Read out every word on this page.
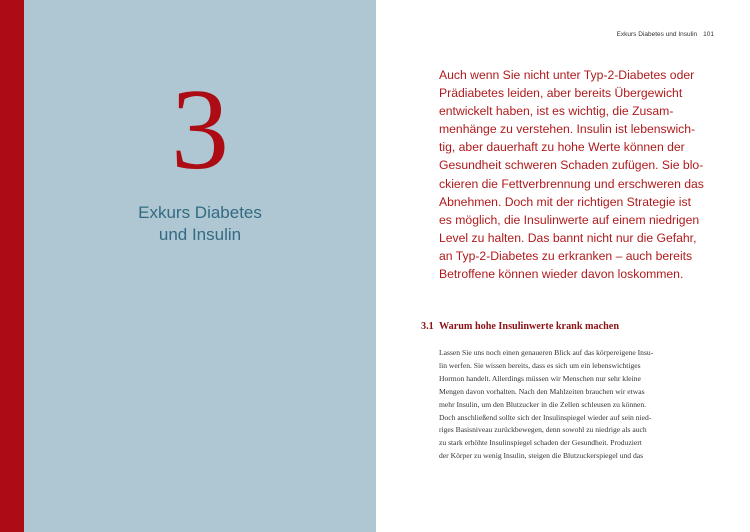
3
Exkurs Diabetes
und Insulin
Exkurs Diabetes und Insulin 101
Auch wenn Sie nicht unter Typ-2-Diabetes oder
Prädiabetes leiden, aber bereits Übergewicht
entwickelt haben, ist es wichtig, die Zusam-
menhänge zu verstehen. Insulin ist lebenswich-
tig, aber dauerhaft zu hohe Werte können der
Gesundheit schweren Schaden zufügen. Sie blo-
ckieren die Fettverbrennung und erschweren das
Abnehmen. Doch mit der richtigen Strategie ist
es möglich, die Insulinwerte auf einem niedrigen
Level zu halten. Das bannt nicht nur die Gefahr,
an Typ-2-Diabetes zu erkranken – auch bereits
Betroffene können wieder davon loskommen.
3.1 Warum hohe Insulinwerte krank machen
Lassen Sie uns noch einen genaueren Blick auf das körpereigene Insu-
lin werfen. Sie wissen bereits, dass es sich um ein lebenswichtiges
Hormon handelt. Allerdings müssen wir Menschen nur sehr kleine
Mengen davon vorhalten. Nach den Mahlzeiten brauchen wir etwas
mehr Insulin, um den Blutzucker in die Zellen schleusen zu können.
Doch anschließend sollte sich der Insulinspiegel wieder auf sein nied-
riges Basisniveau zurückbewegen, denn sowohl zu niedrige als auch
zu stark erhöhte Insulinspiegel schaden der Gesundheit. Produziert
der Körper zu wenig Insulin, steigen die Blutzuckerspiegel und das
